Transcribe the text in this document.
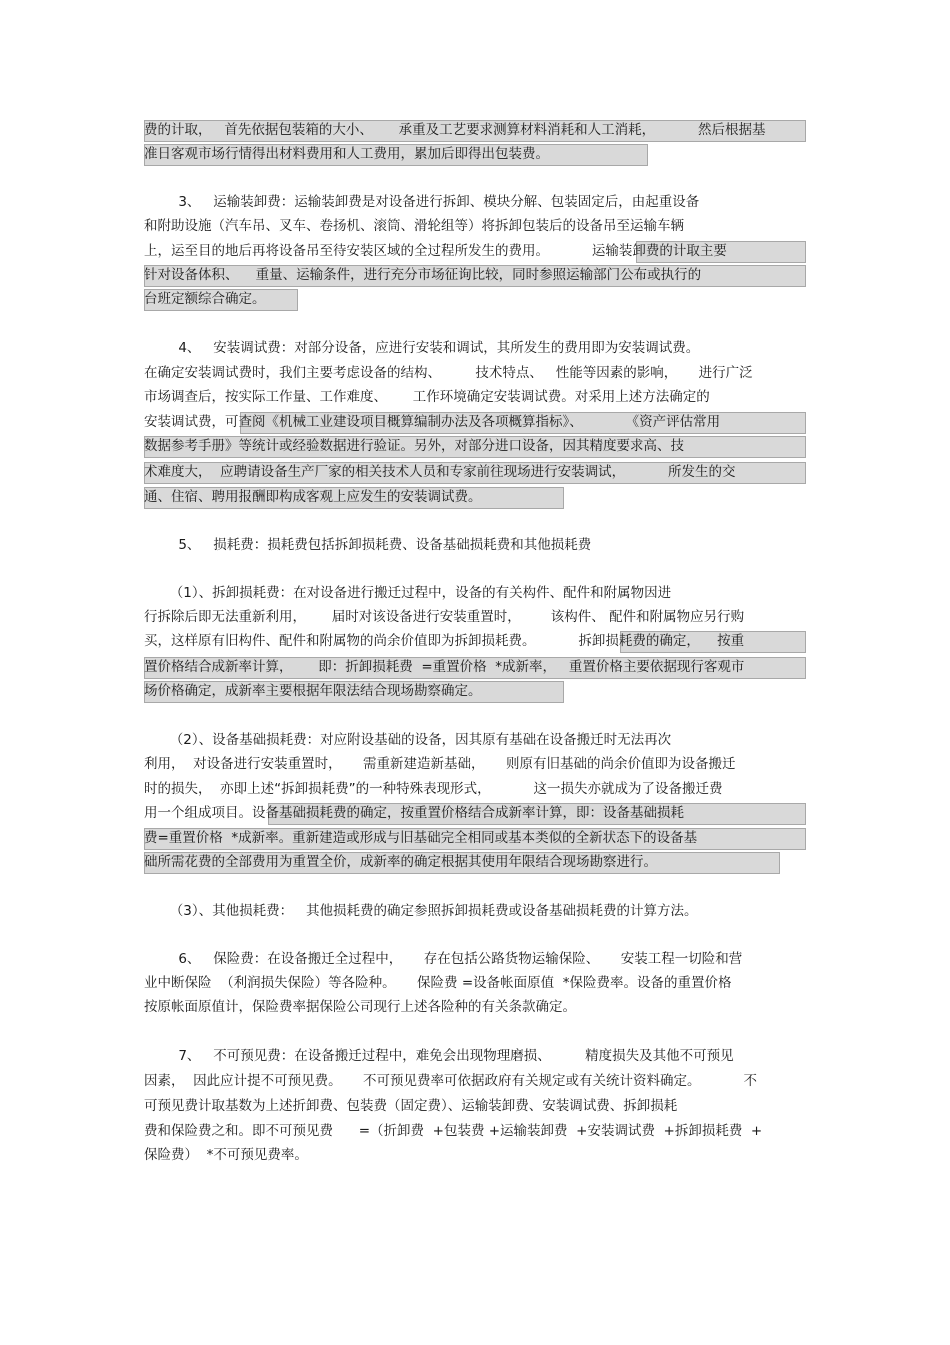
费的计取，   首先依据包装箱的大小、      承重及工艺要求测算材料消耗和人工消耗，          然后根据基
准日客观市场行情得出材料费用和人工费用，累加后即得出包装费。
3、   运输装卸费：运输装卸费是对设备进行拆卸、模块分解、包装固定后，由起重设备
和附助设施（汽车吊、叉车、卷扬机、滚筒、滑轮组等）将拆卸包装后的设备吊至运输车辆
上，运至目的地后再将设备吊至待安装区域的全过程所发生的费用。          运输装卸费的计取主要
针对设备体积、    重量、运输条件，进行充分市场征询比较，同时参照运输部门公布或执行的
台班定额综合确定。
4、   安装调试费：对部分设备，应进行安装和调试，其所发生的费用即为安装调试费。
在确定安装调试费时，我们主要考虑设备的结构、        技术特点、   性能等因素的影响，     进行广泛
市场调查后，按实际工作量、工作难度、      工作环境确定安装调试费。对采用上述方法确定的
安装调试费，可查阅《机械工业建设项目概算编制办法及各项概算指标》、          《资产评估常用
数据参考手册》等统计或经验数据进行验证。另外，对部分进口设备，因其精度要求高、技
术难度大，  应聘请设备生产厂家的相关技术人员和专家前往现场进行安装调试，          所发生的交
通、住宿、聘用报酬即构成客观上应发生的安装调试费。
5、   损耗费：损耗费包括拆卸损耗费、设备基础损耗费和其他损耗费
（1）、拆卸损耗费：在对设备进行搬迁过程中，设备的有关构件、配件和附属物因进
行拆除后即无法重新利用，      届时对该设备进行安装重置时，       该构件、 配件和附属物应另行购
买，这样原有旧构件、配件和附属物的尚余价值即为拆卸损耗费。          拆卸损耗费的确定，    按重
置价格结合成新率计算，      即：折卸损耗费  =重置价格  *成新率，   重置价格主要依据现行客观市
场价格确定，成新率主要根据年限法结合现场勘察确定。
（2）、设备基础损耗费：对应附设基础的设备，因其原有基础在设备搬迁时无法再次
利用，  对设备进行安装重置时，     需重新建造新基础，     则原有旧基础的尚余价值即为设备搬迁
时的损失，  亦即上述“拆卸损耗费”的一种特殊表现形式，          这一损失亦就成为了设备搬迁费
用一个组成项目。设备基础损耗费的确定，按重置价格结合成新率计算，即：设备基础损耗
费=重置价格  *成新率。重新建造或形成与旧基础完全相同或基本类似的全新状态下的设备基
础所需花费的全部费用为重置全价，成新率的确定根据其使用年限结合现场勘察进行。
（3）、其他损耗费：   其他损耗费的确定参照拆卸损耗费或设备基础损耗费的计算方法。
6、   保险费：在设备搬迁全过程中，     存在包括公路货物运输保险、     安装工程一切险和营
业中断保险  （利润损失保险）等各险种。     保险费 =设备帐面原值  *保险费率。设备的重置价格
按原帐面原值计，保险费率据保险公司现行上述各险种的有关条款确定。
7、   不可预见费：在设备搬迁过程中，难免会出现物理磨损、        精度损失及其他不可预见
因素，  因此应计提不可预见费。     不可预见费率可依据政府有关规定或有关统计资料确定。          不
可预见费计取基数为上述折卸费、包装费（固定费）、运输装卸费、安装调试费、拆卸损耗
费和保险费之和。即不可预见费      =（折卸费  +包装费 +运输装卸费  +安装调试费  +拆卸损耗费  +
保险费）  *不可预见费率。
